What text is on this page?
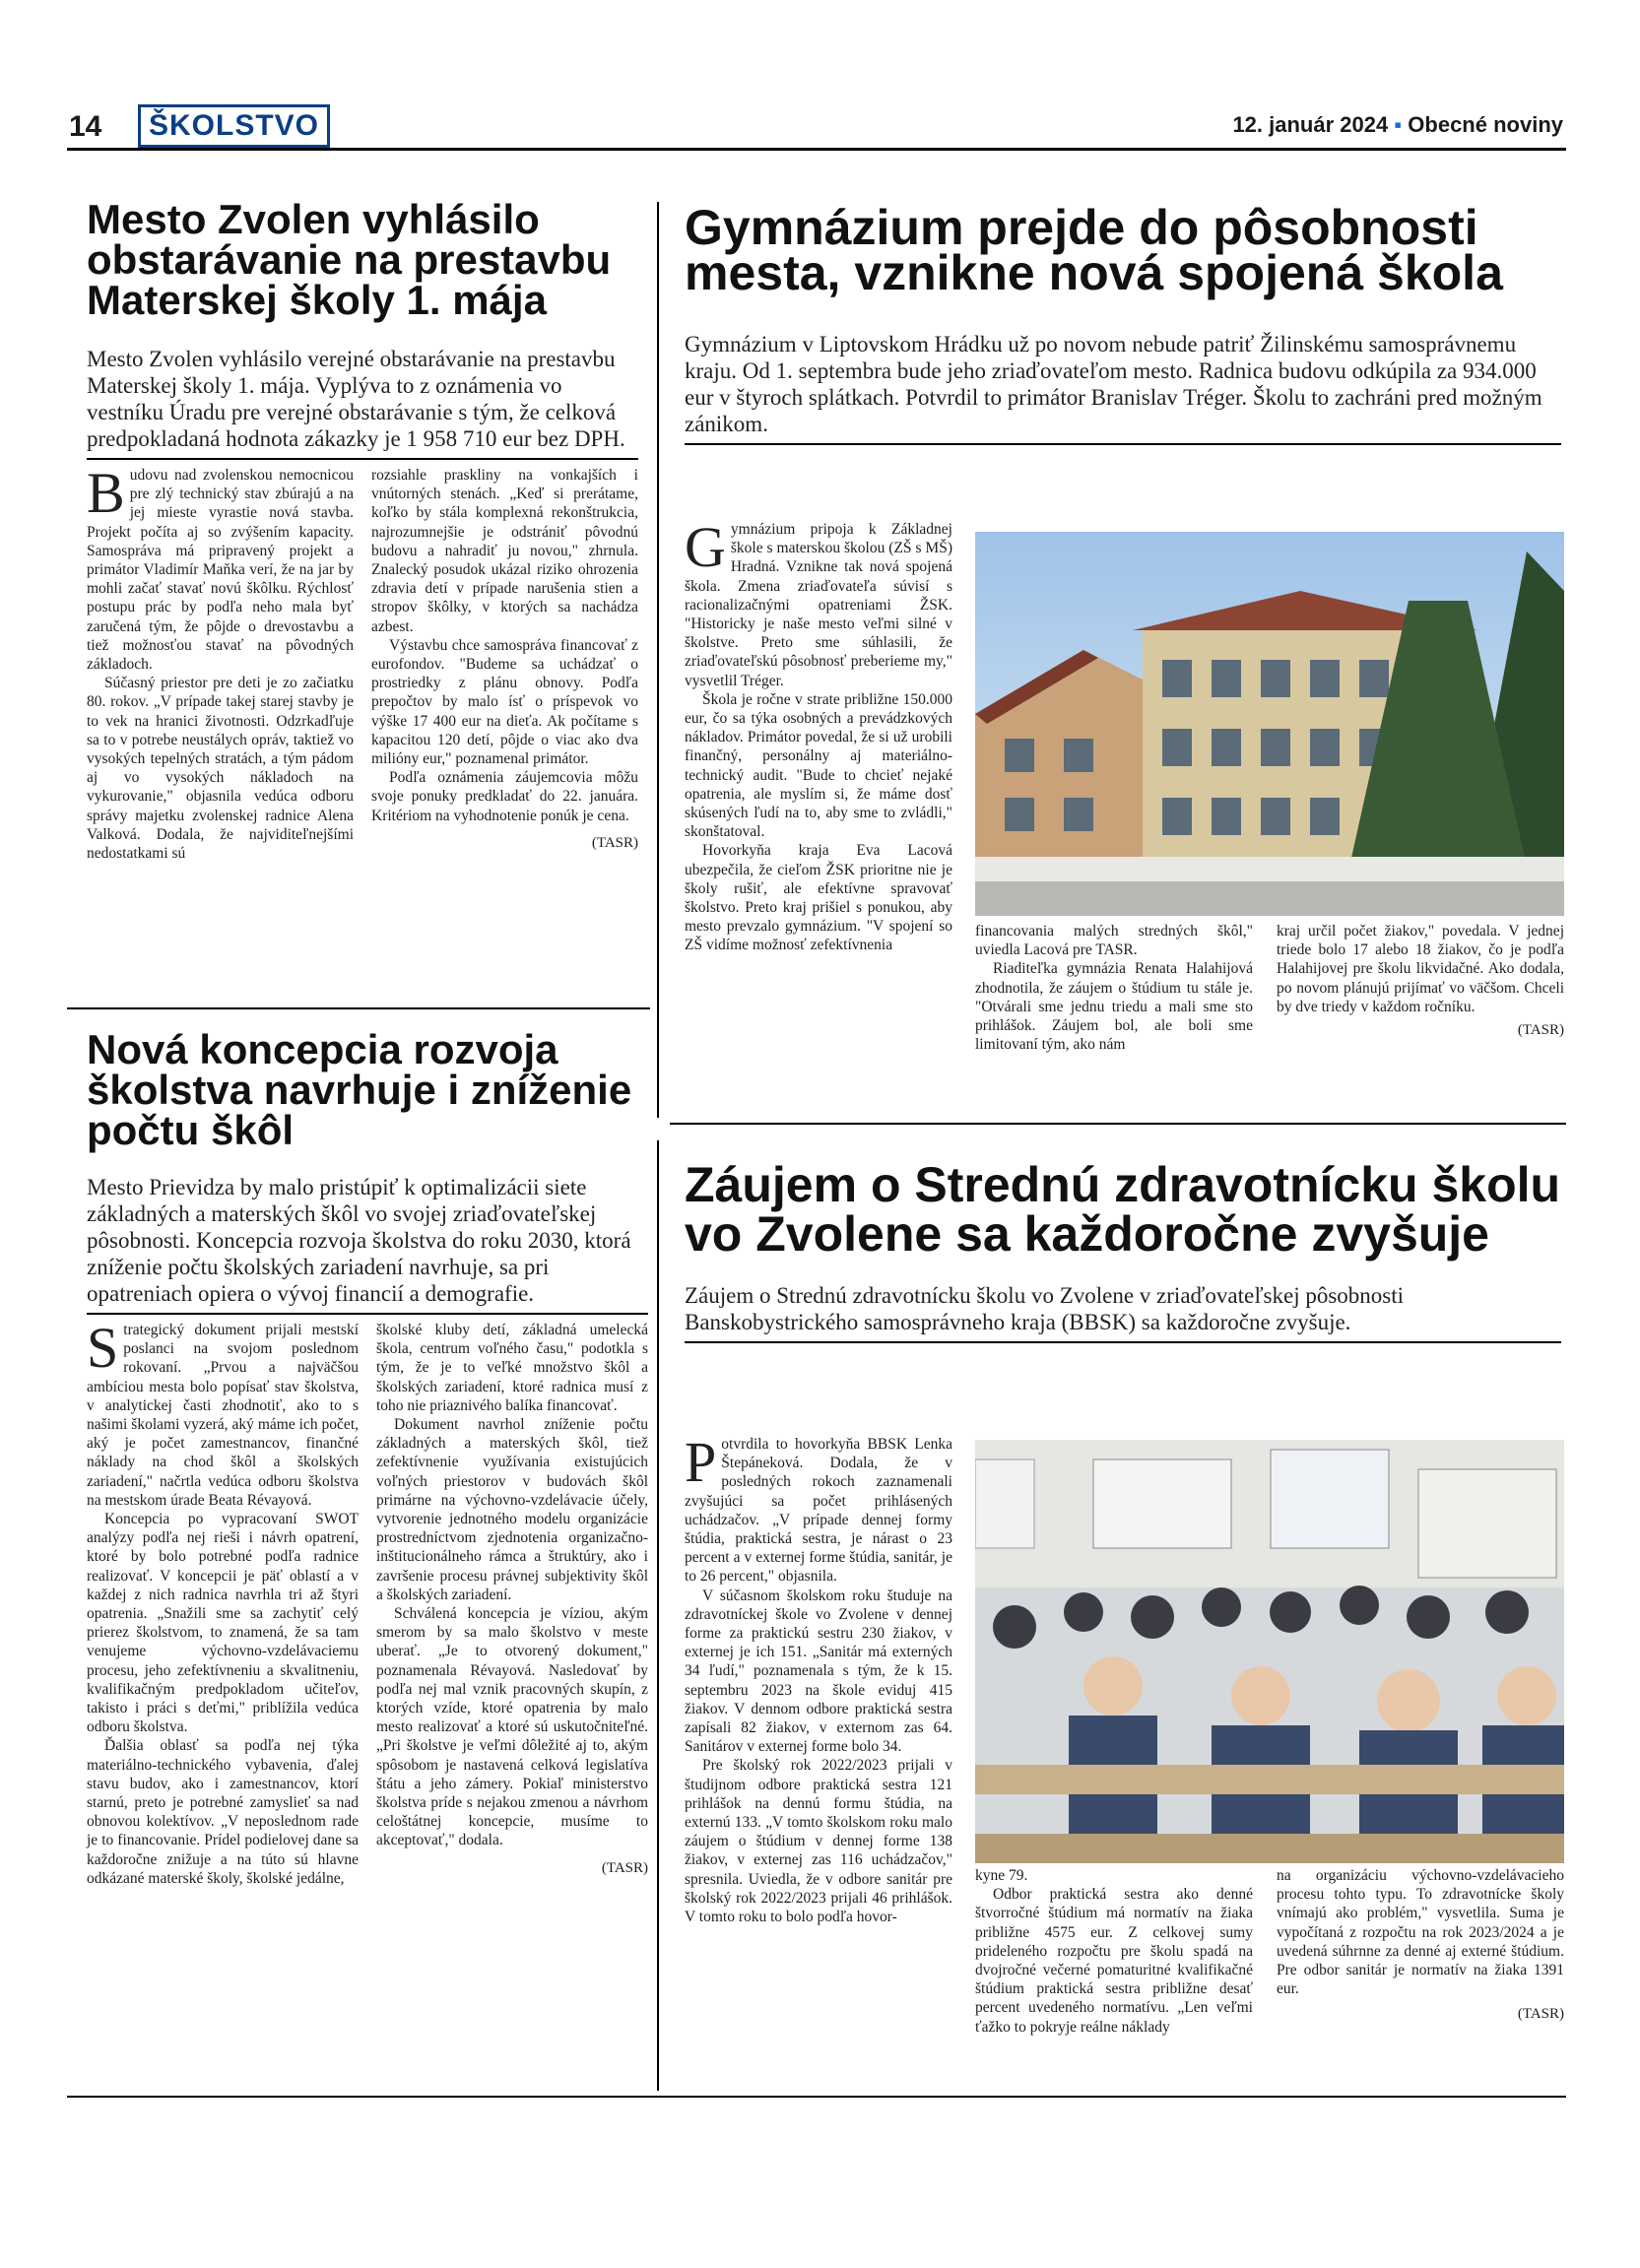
14	ŠKOLSTVO	12. január 2024 ▪ Obecné noviny
Mesto Zvolen vyhlásilo obstarávanie na prestavbu Materskej školy 1. mája

Mesto Zvolen vyhlásilo verejné obstarávanie na prestavbu Materskej školy 1. mája. Vyplýva to z oznámenia vo vestníku Úradu pre verejné obstarávanie s tým, že celková predpokladaná hodnota zákazky je 1 958 710 eur bez DPH.

Budovu nad zvolenskou nemocnicou pre zlý technický stav zbúrajú a na jej mieste vyrastie nová stavba. Projekt počíta aj so zvýšením kapacity. Samospráva má pripravený projekt a primátor Vladimír Maňka verí, že na jar by mohli začať stavať novú škôlku. Rýchlosť postupu prác by podľa neho mala byť zaručená tým, že pôjde o drevostavbu a tiež možnosťou stavať na pôvodných základoch.

Súčasný priestor pre deti je zo začiatku 80. rokov. „V prípade takej starej stavby je to vek na hranici životnosti. Odzrkadľuje sa to v potrebe neustálych opráv, taktiež vo vysokých tepelných stratách, a tým pádom aj vo vysokých nákladoch na vykurovanie," objasnila vedúca odboru správy majetku zvolenskej radnice Alena Valková. Dodala, že najviditeľnejšími nedostatkami sú

rozsiahle praskliny na vonkajších i vnútorných stenách. „Keď si prerátame, koľko by stála komplexná rekonštrukcia, najrozumnejšie je odstrániť pôvodnú budovu a nahradiť ju novou," zhrnula. Znalecký posudok ukázal riziko ohrozenia zdravia detí v prípade narušenia stien a stropov škôlky, v ktorých sa nachádza azbest.

Výstavbu chce samospráva financovať z eurofondov. "Budeme sa uchádzať o prostriedky z plánu obnovy. Podľa prepočtov by malo ísť o príspevok vo výške 17 400 eur na dieťa. Ak počítame s kapacitou 120 detí, pôjde o viac ako dva milióny eur," poznamenal primátor.

Podľa oznámenia záujemcovia môžu svoje ponuky predkladať do 22. januára. Kritériom na vyhodnotenie ponúk je cena.

(TASR)
Gymnázium prejde do pôsobnosti mesta, vznikne nová spojená škola

Gymnázium v Liptovskom Hrádku už po novom nebude patriť Žilinskému samosprávnemu kraju. Od 1. septembra bude jeho zriaďovateľom mesto. Radnica budovu odkúpila za 934.000 eur v štyroch splátkach. Potvrdil to primátor Branislav Tréger. Školu to zachráni pred možným zánikom.

Gymnázium pripoja k Základnej škole s materskou školou (ZŠ s MŠ) Hradná. Vznikne tak nová spojená škola. Zmena zriaďovateľa súvisí s racionalizačnými opatreniami ŽSK. "Historicky je naše mesto veľmi silné v školstve. Preto sme súhlasili, že zriaďovateľskú pôsobnosť preberieme my," vysvetlil Tréger.

Škola je ročne v strate približne 150.000 eur, čo sa týka osobných a prevádzkových nákladov. Primátor povedal, že si už urobili finančný, personálny aj materiálno-technický audit. "Bude to chcieť nejaké opatrenia, ale myslím si, že máme dosť skúsených ľudí na to, aby sme to zvládli," skonštatoval.

Hovorkyňa kraja Eva Lacová ubezpečila, že cieľom ŽSK prioritne nie je školy rušiť, ale efektívne spravovať školstvo. Preto kraj prišiel s ponukou, aby mesto prevzalo gymnázium. "V spojení so ZŠ vidíme možnosť zefektívnenia

financovania malých stredných škôl," uviedla Lacová pre TASR.

Riaditeľka gymnázia Renata Halahijová zhodnotila, že záujem o štúdium tu stále je. "Otvárali sme jednu triedu a mali sme sto prihlášok. Záujem bol, ale boli sme limitovaní tým, ako nám

kraj určil počet žiakov," povedala. V jednej triede bolo 17 alebo 18 žiakov, čo je podľa Halahijovej pre školu likvidačné. Ako dodala, po novom plánujú prijímať vo väčšom. Chceli by dve triedy v každom ročníku.

(TASR)
Nová koncepcia rozvoja školstva navrhuje i zníženie počtu škôl

Mesto Prievidza by malo pristúpiť k optimalizácii siete základných a materských škôl vo svojej zriaďovateľskej pôsobnosti. Koncepcia rozvoja školstva do roku 2030, ktorá zníženie počtu školských zariadení navrhuje, sa pri opatreniach opiera o vývoj financií a demografie.

Strategický dokument prijali mestskí poslanci na svojom poslednom rokovaní. „Prvou a najväčšou ambíciou mesta bolo popísať stav školstva, v analytickej časti zhodnotiť, ako to s našimi školami vyzerá, aký máme ich počet, aký je počet zamestnancov, finančné náklady na chod škôl a školských zariadení," načrtla vedúca odboru školstva na mestskom úrade Beata Révayová.

Koncepcia po vypracovaní SWOT analýzy podľa nej rieši i návrh opatrení, ktoré by bolo potrebné podľa radnice realizovať. V koncepcii je päť oblastí a v každej z nich radnica navrhla tri až štyri opatrenia. „Snažili sme sa zachytiť celý prierez školstvom, to znamená, že sa tam venujeme výchovno-vzdelávaciemu procesu, jeho zefektívneniu a skvalitneniu, kvalifikačným predpokladom učiteľov, takisto i práci s deťmi," priblížila vedúca odboru školstva.

Ďalšia oblasť sa podľa nej týka materiálno-technického vybavenia, ďalej stavu budov, ako i zamestnancov, ktorí starnú, preto je potrebné zamyslieť sa nad obnovou kolektívov. „V neposlednom rade je to financovanie. Prídel podielovej dane sa každoročne znižuje a na túto sú hlavne odkázané materské školy, školské jedálne,

školské kluby detí, základná umelecká škola, centrum voľného času," podotkla s tým, že je to veľké množstvo škôl a školských zariadení, ktoré radnica musí z toho nie priaznivého balíka financovať.

Dokument navrhol zníženie počtu základných a materských škôl, tiež zefektívnenie využívania existujúcich voľných priestorov v budovách škôl primárne na výchovno-vzdelávacie účely, vytvorenie jednotného modelu organizácie prostredníctvom zjednotenia organizačno-inštitucionálneho rámca a štruktúry, ako i završenie procesu právnej subjektivity škôl a školských zariadení.

Schválená koncepcia je víziou, akým smerom by sa malo školstvo v meste uberať. „Je to otvorený dokument," poznamenala Révayová. Nasledovať by podľa nej mal vznik pracovných skupín, z ktorých vzíde, ktoré opatrenia by malo mesto realizovať a ktoré sú uskutočniteľné. „Pri školstve je veľmi dôležité aj to, akým spôsobom je nastavená celková legislatíva štátu a jeho zámery. Pokiaľ ministerstvo školstva príde s nejakou zmenou a návrhom celoštátnej koncepcie, musíme to akceptovať," dodala.

(TASR)
Záujem o Strednú zdravotnícku školu vo Zvolene sa každoročne zvyšuje

Záujem o Strednú zdravotnícku školu vo Zvolene v zriaďovateľskej pôsobnosti Banskobystrického samosprávneho kraja (BBSK) sa každoročne zvyšuje.

Potvrdila to hovorkyňa BBSK Lenka Štepáneková. Dodala, že v posledných rokoch zaznamenali zvyšujúci sa počet prihlásených uchádzačov. „V prípade dennej formy štúdia, praktická sestra, je nárast o 23 percent a v externej forme štúdia, sanitár, je to 26 percent," objasnila.

V súčasnom školskom roku študuje na zdravotníckej škole vo Zvolene v dennej forme za praktickú sestru 230 žiakov, v externej je ich 151. „Sanitár má externých 34 ľudí," poznamenala s tým, že k 15. septembru 2023 na škole eviduj 415 žiakov. V dennom odbore praktická sestra zapísali 82 žiakov, v externom zas 64. Sanitárov v externej forme bolo 34.

Pre školský rok 2022/2023 prijali v študijnom odbore praktická sestra 121 prihlášok na dennú formu štúdia, na externú 133. „V tomto školskom roku malo záujem o štúdium v dennej forme 138 žiakov, v externej zas 116 uchádzačov," spresnila. Uviedla, že v odbore sanitár pre školský rok 2022/2023 prijali 46 prihlášok. V tomto roku to bolo podľa hovor-

kyne 79.

Odbor praktická sestra ako denné štvorročné štúdium má normatív na žiaka približne 4575 eur. Z celkovej sumy prideleného rozpočtu pre školu spadá na dvojročné večerné pomaturitné kvalifikačné štúdium praktická sestra približne desať percent uvedeného normatívu. „Len veľmi ťažko to pokryje reálne náklady

na organizáciu výchovno-vzdelávacieho procesu tohto typu. To zdravotnícke školy vnímajú ako problém," vysvetlila. Suma je vypočítaná z rozpočtu na rok 2023/2024 a je uvedená súhrnne za denné aj externé štúdium. Pre odbor sanitár je normatív na žiaka 1391 eur.

(TASR)
